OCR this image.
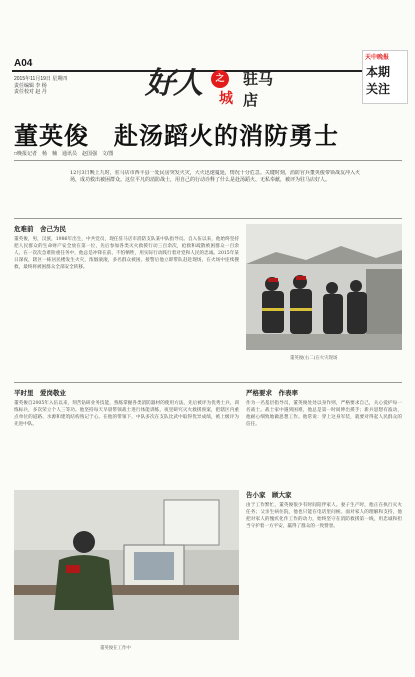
A04
2015年11月19日 星期四
责任编辑 李 杨
责任校对 赵 丹	好人	之
城
驻马店
天中晚报
本期
关注
董英俊　赴汤蹈火的消防勇士
□晚报记者　杨　楠　通讯员　赵国强　文/图
12月3日晚上九时，驻马店市西平县一处民房突发火灾，大火迅速蔓延，情况十分危急。关键时刻，消防官兵董英俊带领战友冲入火场，成功救出被困群众。这位平凡的消防战士，用自己的行动诠释了什么是赴汤蹈火、无私奉献，被评为驻马店好人。
危难前　舍己为民
董英俊，男，汉族，1986年出生，中共党员，现任驻马店市消防支队某中队指导员。自入伍以来，他始终坚持把人民群众的生命财产安全放在第一位，先后参加各类灭火救援行动三百余次，抢救和疏散被困群众一百余人。在一次次急难险重任务中，他总是冲锋在前、不怕牺牲，用实际行动践行着对党和人民的忠诚。2015年某日深夜，辖区一栋居民楼发生火灾，浓烟滚滚，多名群众被困。接警后他立即带队赶赴现场，在火场中连续搜救，最终将被困群众全部安全转移。
董英俊(右二)在火灾现场
平时里　爱岗敬业
董英俊自2005年入伍以来，刻苦钻研业务技能，熟练掌握各类消防器材的使用方法，先后被评为优秀士兵、训练标兵，多次荣立个人三等功。他坚持每天早晨带领战士进行体能训练，夜里研究灭火救援预案，把辖区内重点单位的道路、水源和建筑结构熟记于心。在他的带领下，中队多次在支队比武中取得优异成绩，被上级评为先进中队。
严格要求　作表率
作为一名基层指导员，董英俊处处以身作则，严格要求自己，关心爱护每一名战士。战士家中遇到困难，他总是第一时间伸出援手；新兵思想有波动，他耐心细致地做思想工作。他常说：穿上这身军装，就要对得起人民群众的信任。
董英俊在工作中
告小家　顾大家
由于工作繁忙，董英俊很少有时间陪伴家人。妻子生产时，他正在执行灭火任务；父亲生病住院，他也只能在电话里问候。面对家人的理解和支持，他把对家人的愧疚化作工作的动力，始终坚守在消防救援第一线，用忠诚和担当守护着一方平安，赢得了群众的一致赞誉。
